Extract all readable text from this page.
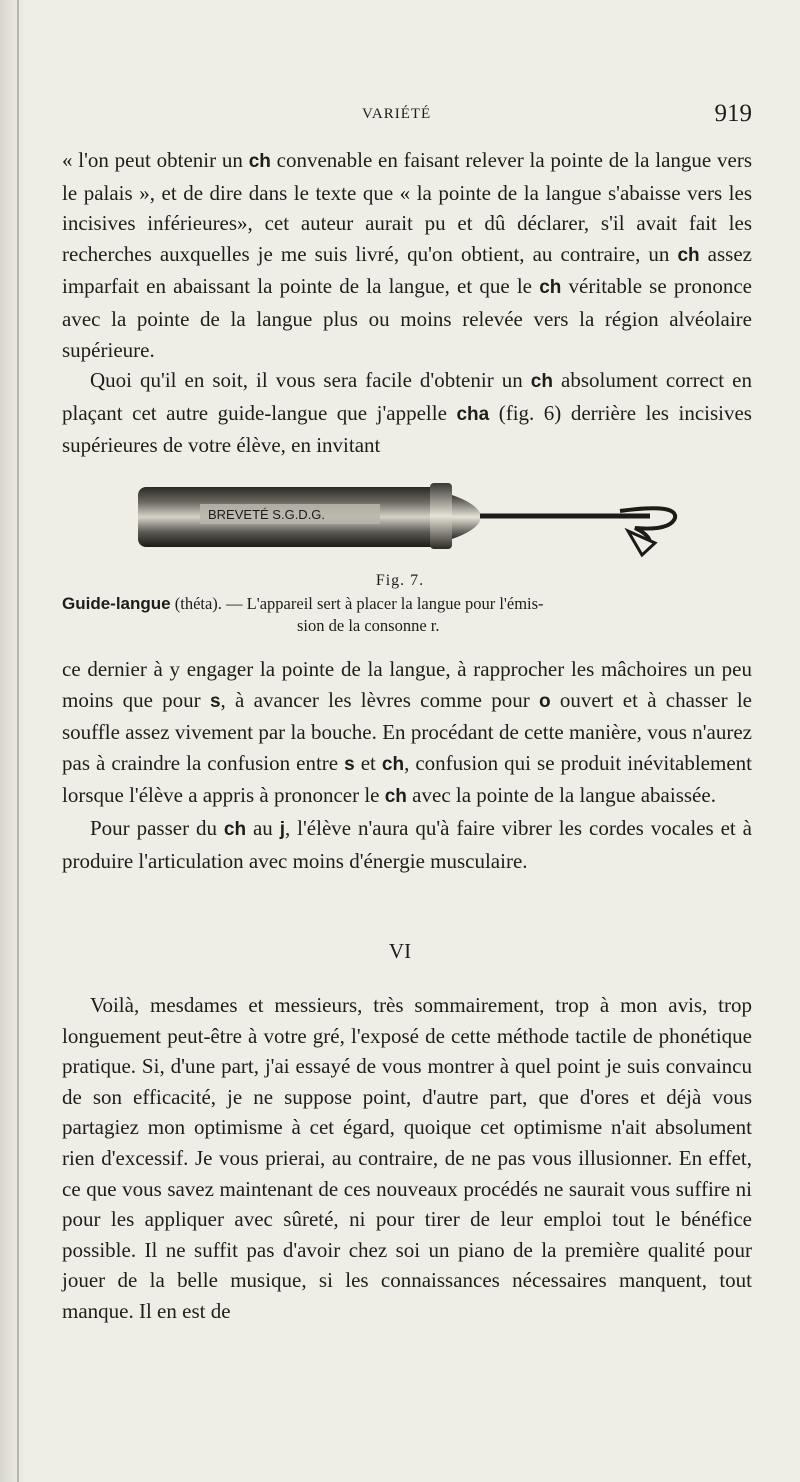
VARIÉTÉ	919

« l'on peut obtenir un ch convenable en faisant relever la pointe de la langue vers le palais », et de dire dans le texte que « la pointe de la langue s'abaisse vers les incisives inférieures», cet auteur aurait pu et dû déclarer, s'il avait fait les recherches auxquelles je me suis livré, qu'on obtient, au contraire, un ch assez imparfait en abaissant la pointe de la langue, et que le ch véritable se prononce avec la pointe de la langue plus ou moins relevée vers la région alvéolaire supérieure.

Quoi qu'il en soit, il vous sera facile d'obtenir un ch absolument correct en plaçant cet autre guide-langue que j'appelle cha (fig. 6) derrière les incisives supérieures de votre élève, en invitant

BREVETÉ S.G.D.G.
Fig. 7.
Guide-langue (théta). — L'appareil sert à placer la langue pour l'émis-
sion de la consonne r.

ce dernier à y engager la pointe de la langue, à rapprocher les mâchoires un peu moins que pour s, à avancer les lèvres comme pour o ouvert et à chasser le souffle assez vivement par la bouche. En procédant de cette manière, vous n'aurez pas à craindre la confusion entre s et ch, confusion qui se produit inévitablement lorsque l'élève a appris à prononcer le ch avec la pointe de la langue abaissée.

Pour passer du ch au j, l'élève n'aura qu'à faire vibrer les cordes vocales et à produire l'articulation avec moins d'énergie musculaire.

VI

Voilà, mesdames et messieurs, très sommairement, trop à mon avis, trop longuement peut-être à votre gré, l'exposé de cette méthode tactile de phonétique pratique. Si, d'une part, j'ai essayé de vous montrer à quel point je suis convaincu de son efficacité, je ne suppose point, d'autre part, que d'ores et déjà vous partagiez mon optimisme à cet égard, quoique cet optimisme n'ait absolument rien d'excessif. Je vous prierai, au contraire, de ne pas vous illusionner. En effet, ce que vous savez maintenant de ces nouveaux procédés ne saurait vous suffire ni pour les appliquer avec sûreté, ni pour tirer de leur emploi tout le bénéfice possible. Il ne suffit pas d'avoir chez soi un piano de la première qualité pour jouer de la belle musique, si les connaissances nécessaires manquent, tout manque. Il en est de
